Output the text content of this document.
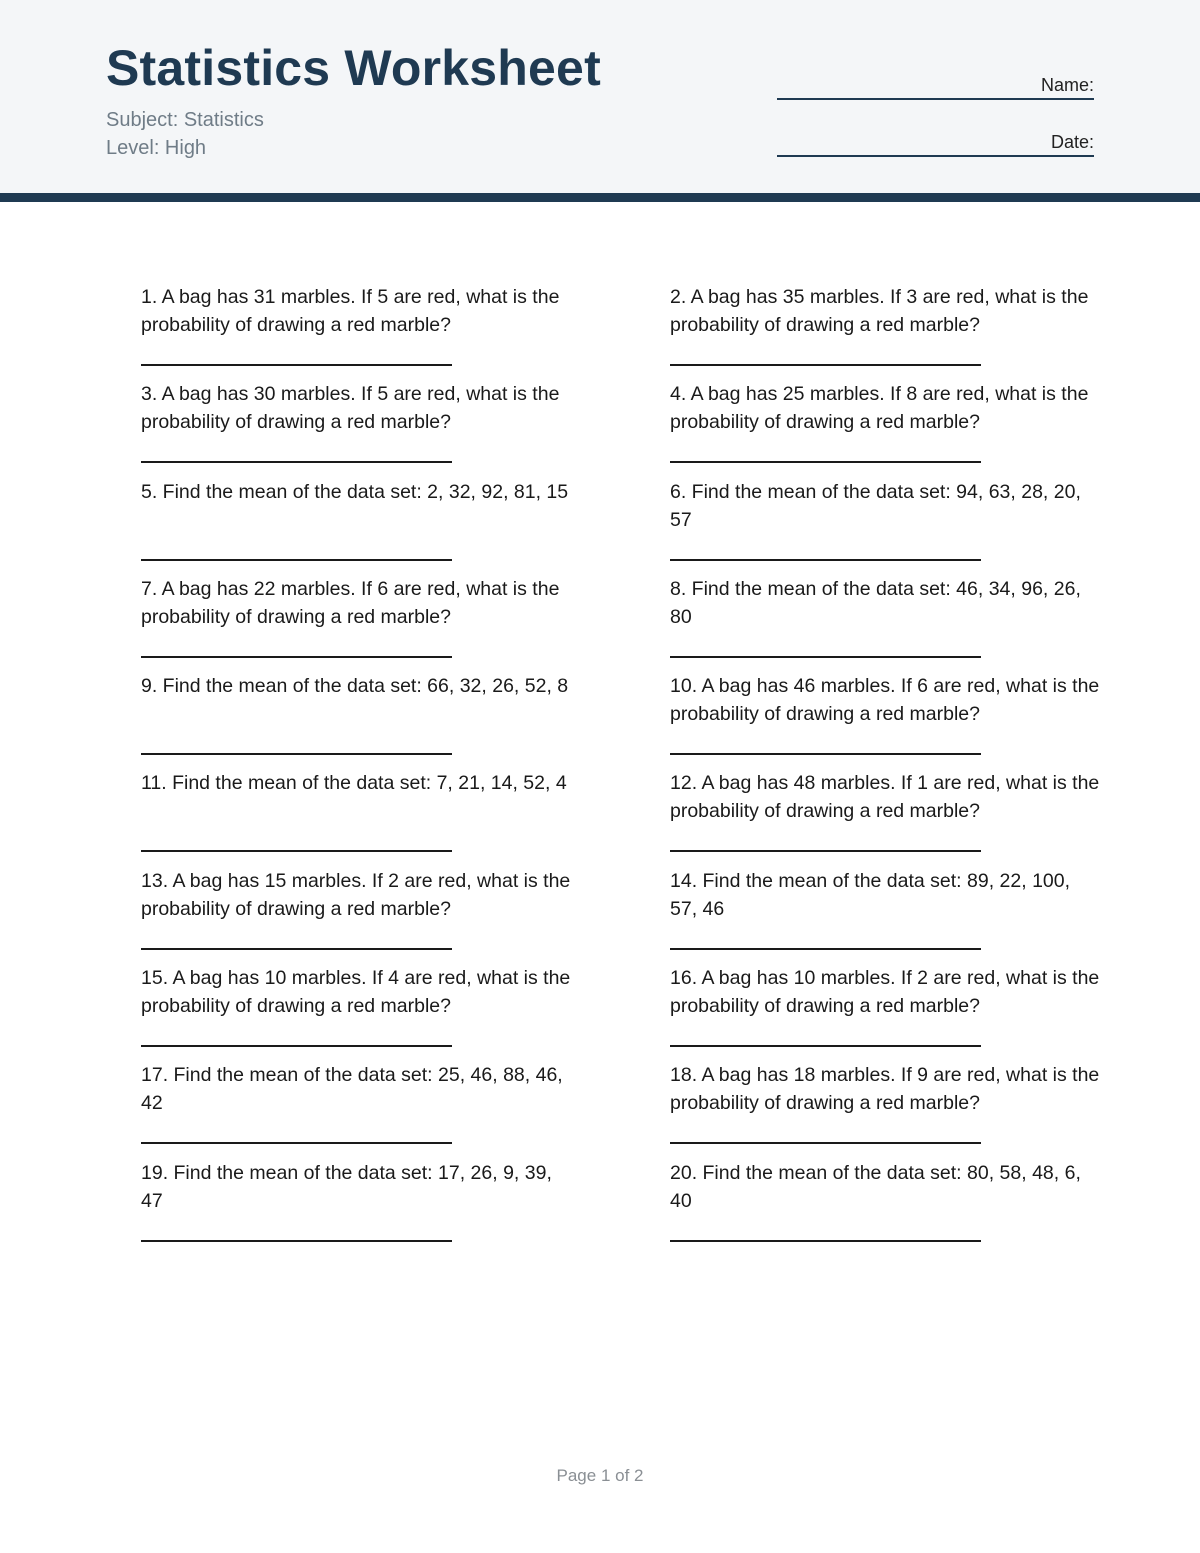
Statistics Worksheet
Subject: Statistics
Level: High
Name:
Date:
1. A bag has 31 marbles. If 5 are red, what is the probability of drawing a red marble?
2. A bag has 35 marbles. If 3 are red, what is the probability of drawing a red marble?
3. A bag has 30 marbles. If 5 are red, what is the probability of drawing a red marble?
4. A bag has 25 marbles. If 8 are red, what is the probability of drawing a red marble?
5. Find the mean of the data set: 2, 32, 92, 81, 15	6. Find the mean of the data set: 94, 63, 28, 20, 57
7. A bag has 22 marbles. If 6 are red, what is the probability of drawing a red marble?
8. Find the mean of the data set: 46, 34, 96, 26, 80
9. Find the mean of the data set: 66, 32, 26, 52, 8	10. A bag has 46 marbles. If 6 are red, what is the probability of drawing a red marble?
11. Find the mean of the data set: 7, 21, 14, 52, 4	12. A bag has 48 marbles. If 1 are red, what is the probability of drawing a red marble?
13. A bag has 15 marbles. If 2 are red, what is the probability of drawing a red marble?
14. Find the mean of the data set: 89, 22, 100, 57, 46
15. A bag has 10 marbles. If 4 are red, what is the probability of drawing a red marble?
16. A bag has 10 marbles. If 2 are red, what is the probability of drawing a red marble?
17. Find the mean of the data set: 25, 46, 88, 46, 42
18. A bag has 18 marbles. If 9 are red, what is the probability of drawing a red marble?
19. Find the mean of the data set: 17, 26, 9, 39, 47
20. Find the mean of the data set: 80, 58, 48, 6, 40
Page 1 of 2
